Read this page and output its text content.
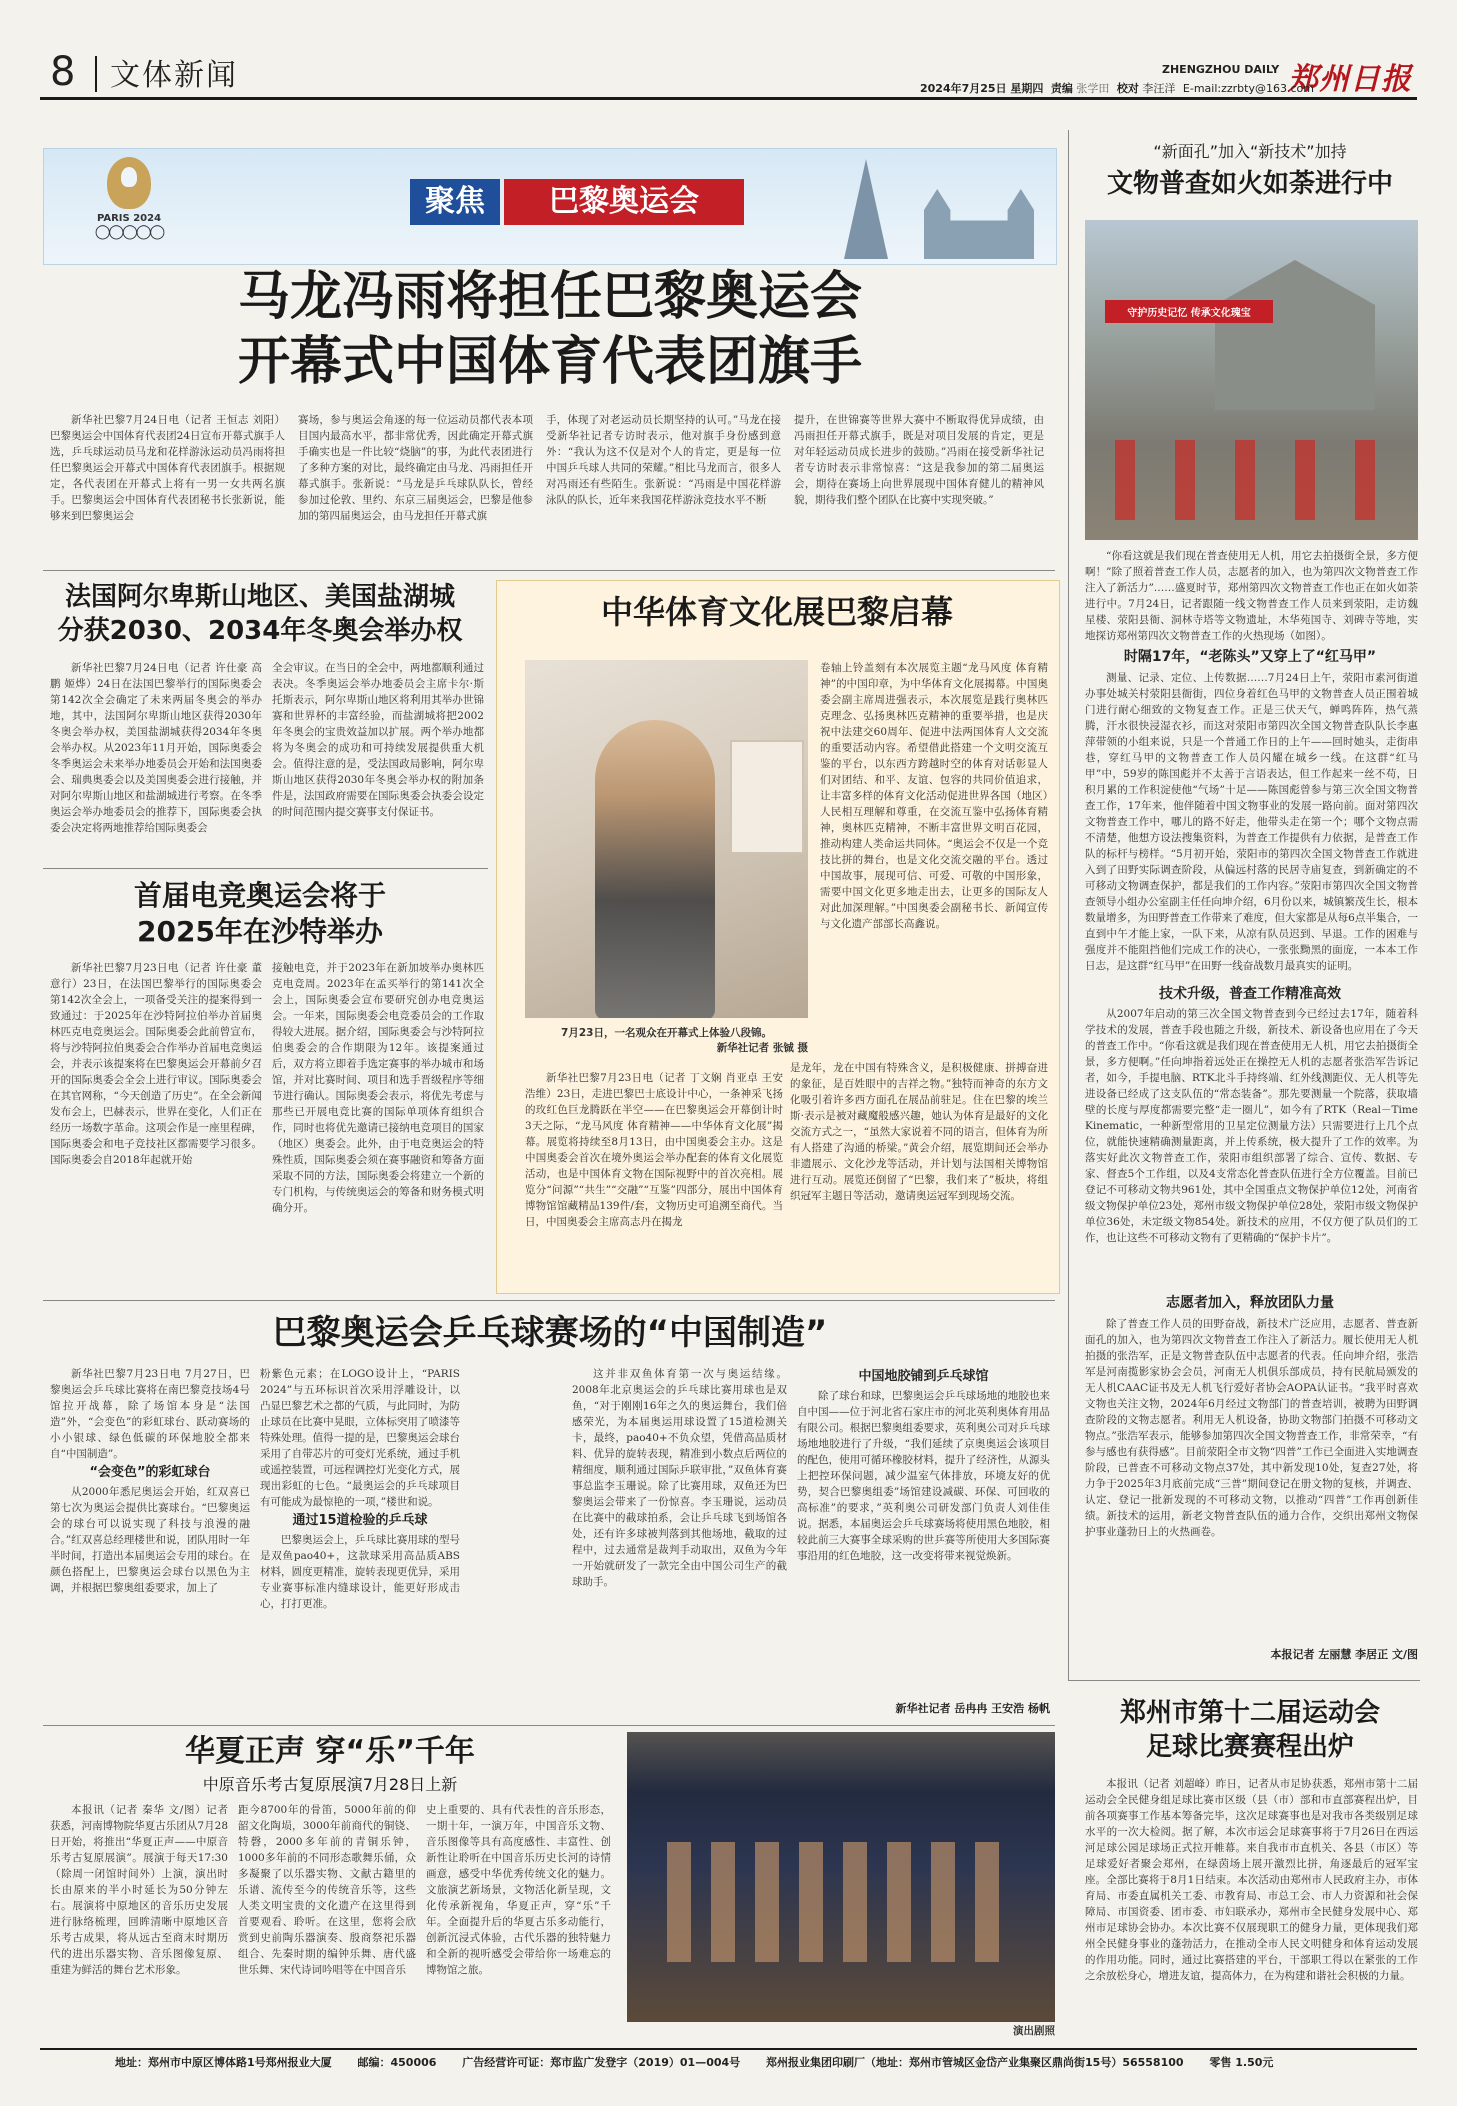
8 文体新闻	ZHENGZHOU DAILY 郑州日报
2024年7月25日 星期四 责编 张学田 校对 李汪洋 E-mail:zzrbty@163.com
PARIS 2024
◯◯◯◯◯
聚焦	巴黎奥运会
马龙冯雨将担任巴黎奥运会
开幕式中国体育代表团旗手

新华社巴黎7月24日电（记者 王恒志 刘阳）巴黎奥运会中国体育代表团24日宣布开幕式旗手人选，乒乓球运动员马龙和花样游泳运动员冯雨将担任巴黎奥运会开幕式中国体育代表团旗手。根据规定，各代表团在开幕式上将有一男一女共两名旗手。巴黎奥运会中国体育代表团秘书长张新说，能够来到巴黎奥运会

赛场，参与奥运会角逐的每一位运动员都代表本项目国内最高水平，都非常优秀，因此确定开幕式旗手确实也是一件比较“烧脑”的事，为此代表团进行了多种方案的对比，最终确定由马龙、冯雨担任开幕式旗手。张新说：“马龙是乒乓球队队长，曾经参加过伦敦、里约、东京三届奥运会，巴黎是他参加的第四届奥运会，由马龙担任开幕式旗

手，体现了对老运动员长期坚持的认可。”马龙在接受新华社记者专访时表示，他对旗手身份感到意外：“我认为这不仅是对个人的肯定，更是每一位中国乒乓球人共同的荣耀。”相比马龙而言，很多人对冯雨还有些陌生。张新说：“冯雨是中国花样游泳队的队长，近年来我国花样游泳竞技水平不断

提升，在世锦赛等世界大赛中不断取得优异成绩，由冯雨担任开幕式旗手，既是对项目发展的肯定，更是对年轻运动员成长进步的鼓励。”冯雨在接受新华社记者专访时表示非常惊喜：“这是我参加的第二届奥运会，期待在赛场上向世界展现中国体育健儿的精神风貌，期待我们整个团队在比赛中实现突破。”

法国阿尔卑斯山地区、美国盐湖城
分获2030、2034年冬奥会举办权

新华社巴黎7月24日电（记者 许仕豪 高鹏 姬烨）24日在法国巴黎举行的国际奥委会第142次全会确定了未来两届冬奥会的举办地，其中，法国阿尔卑斯山地区获得2030年冬奥会举办权，美国盐湖城获得2034年冬奥会举办权。从2023年11月开始，国际奥委会冬季奥运会未来举办地委员会开始和法国奥委会、瑞典奥委会以及美国奥委会进行接触，并对阿尔卑斯山地区和盐湖城进行考察。在冬季奥运会举办地委员会的推荐下，国际奥委会执委会决定将两地推荐给国际奥委会

全会审议。在当日的全会中，两地都顺利通过表决。冬季奥运会举办地委员会主席卡尔·斯托斯表示，阿尔卑斯山地区将利用其举办世锦赛和世界杯的丰富经验，而盐湖城将把2002年冬奥会的宝贵效益加以扩展。两个举办地都将为冬奥会的成功和可持续发展提供重大机会。值得注意的是，受法国政局影响，阿尔卑斯山地区获得2030年冬奥会举办权的附加条件是，法国政府需要在国际奥委会执委会设定的时间范围内提交赛事支付保证书。

首届电竞奥运会将于
2025年在沙特举办

新华社巴黎7月23日电（记者 许仕豪 董意行）23日，在法国巴黎举行的国际奥委会第142次全会上，一项备受关注的提案得到一致通过：于2025年在沙特阿拉伯举办首届奥林匹克电竞奥运会。国际奥委会此前曾宣布，将与沙特阿拉伯奥委会合作举办首届电竞奥运会，并表示该提案将在巴黎奥运会开幕前夕召开的国际奥委会全会上进行审议。国际奥委会在其官网称，“今天创造了历史”。在全会新闻发布会上，巴赫表示，世界在变化，人们正在经历一场数字革命。这项会作是一座里程碑，国际奥委会和电子竞技社区都需要学习很多。国际奥委会自2018年起就开始

接触电竞，并于2023年在新加坡举办奥林匹克电竞周。2023年在孟买举行的第141次全会上，国际奥委会宣布要研究创办电竞奥运会。一年来，国际奥委会电竞委员会的工作取得较大进展。据介绍，国际奥委会与沙特阿拉伯奥委会的合作期限为12年。该提案通过后，双方将立即着手选定赛事的举办城市和场馆，并对比赛时间、项目和选手晋级程序等细节进行确认。国际奥委会表示，将优先考虑与那些已开展电竞比赛的国际单项体育组织合作，同时也将优先邀请已接纳电竞项目的国家（地区）奥委会。此外，由于电竞奥运会的特殊性质，国际奥委会须在赛事融资和筹备方面采取不同的方法，国际奥委会将建立一个新的专门机构，与传统奥运会的筹备和财务模式明确分开。

中华体育文化展巴黎启幕
7月23日，一名观众在开幕式上体验八段锦。
新华社记者 张铖 摄

卷轴上铃盖刻有本次展览主题“龙马风度 体育精神”的中国印章，为中华体育文化展揭幕。中国奥委会副主席周进强表示，本次展览是践行奥林匹克理念、弘扬奥林匹克精神的重要举措，也是庆祝中法建交60周年、促进中法两国体育人文交流的重要活动内容。希望借此搭建一个文明交流互鉴的平台，以东西方跨越时空的体育对话彰显人们对团结、和平、友谊、包容的共同价值追求，让丰富多样的体育文化活动促进世界各国（地区）人民相互理解和尊重，在交流互鉴中弘扬体育精神，奥林匹克精神，不断丰富世界文明百花园，推动构建人类命运共同体。“奥运会不仅是一个竞技比拼的舞台，也是文化交流交融的平台。透过中国故事，展现可信、可爱、可敬的中国形象，需要中国文化更多地走出去，让更多的国际友人对此加深理解。”中国奥委会副秘书长、新闻宣传与文化遗产部部长高鑫说。

新华社巴黎7月23日电（记者 丁文娴 肖亚卓 王安 浩维）23日，走进巴黎巴士底设计中心，一条神采飞扬的玫红色巨龙腾跃在半空——在巴黎奥运会开幕倒计时3天之际，“龙马风度 体育精神——中华体育文化展”揭幕。展览将持续至8月13日，由中国奥委会主办。这是中国奥委会首次在境外奥运会举办配套的体育文化展览活动，也是中国体育文物在国际视野中的首次亮相。展览分“问源”“共生”“交融”“互鉴”四部分，展出中国体育博物馆馆藏精品139件/套，文物历史可追溯至商代。当日，中国奥委会主席高志丹在揭龙

是龙年，龙在中国有特殊含义，是积极健康、拼搏奋进的象征，是百姓眼中的吉祥之物。”独特而神奇的东方文化吸引着许多西方面孔在展品前驻足。住在巴黎的埃兰斯·表示是被对藏魔般感兴趣，她认为体育是最好的文化交流方式之一，“虽然大家说着不同的语言，但体育为所有人搭建了沟通的桥梁。”黄会介绍，展览期间还会举办非遗展示、文化沙龙等活动，并计划与法国相关博物馆进行互动。展览还倒留了“巴黎，我们来了”板块，将组织冠军主题日等活动，邀请奥运冠军到现场交流。

巴黎奥运会乒乓球赛场的“中国制造”

新华社巴黎7月23日电 7月27日，巴黎奥运会乒乓球比赛将在南巴黎竞技场4号馆拉开战幕，除了场馆本身是“法国造”外，“会变色”的彩虹球台、跃动赛场的小小银球、绿色低碳的环保地胶全都来自“中国制造”。

“会变色”的彩虹球台

从2000年悉尼奥运会开始，红双喜已第七次为奥运会提供比赛球台。“巴黎奥运会的球台可以说实现了科技与浪漫的融合。”红双喜总经理楼世和说，团队用时一年半时间，打造出本届奥运会专用的球台。在颜色搭配上，巴黎奥运会球台以黑色为主调，并根据巴黎奥组委要求，加上了

粉紫色元素；在LOGO设计上，“PARIS 2024”与五环标识首次采用浮雕设计，以凸显巴黎艺术之都的气质，与此同时，为防止球员在比赛中晃眼，立体标突用了喷漆等特殊处理。值得一提的是，巴黎奥运会球台采用了自带芯片的可变灯光系统，通过手机或遥控装置，可远程调控灯光变化方式，展现出彩虹的七色。“最奥运会的乒乓球项目有可能成为最惊艳的一项，”楼世和说。

通过15道检验的乒乓球

巴黎奥运会上，乒乓球比赛用球的型号是双鱼pao40+，这款球采用高品质ABS材料，圆度更精准，旋转表现更优异，采用专业赛事标准内缝球设计，能更好形成击心，打打更准。

这并非双鱼体育第一次与奥运结缘。2008年北京奥运会的乒乓球比赛用球也是双鱼，“对于刚刚16年之久的奥运舞台，我们倍感荣光，为本届奥运用球设置了15道检测关卡，最终，pao40+不负众望，凭借高品质材料、优异的旋转表现，精准到小数点后两位的精细度，顺利通过国际乒联审批，”双鱼体育赛事总监李玉珊说。除了比赛用球，双鱼还为巴黎奥运会带来了一份惊喜。李玉珊说，运动员在比赛中的截球拍系，会让乒乓球飞到场馆各处，还有许多球被判落到其他场地，截取的过程中，过去通常是裁判手动取出，双鱼为今年一开始就研发了一款完全由中国公司生产的截球助手。

中国地胶铺到乒乓球馆

除了球台和球，巴黎奥运会乒乓球场地的地胶也来自中国——位于河北省石家庄市的河北英利奥体育用品有限公司。根据巴黎奥组委要求，英利奥公司对乒乓球场地地胶进行了升级，“我们延续了京奥奥运会该项目的配色，使用可循环橡胶材料，提升了经济性，从源头上把控环保问题，减少温室气体排放，环境友好的优势，契合巴黎奥组委”场馆建设减碳、环保、可回收的高标准”的要求，”英利奥公司研发部门负责人刘佳佳说。据悉，本届奥运会乒乓球赛场将使用黑色地胶，相较此前三大赛事全球采购的世乒赛等所使用大多国际赛事沿用的红色地胶，这一改变将带来视觉焕新。

新华社记者 岳冉冉 王安浩 杨帆
华夏正声 穿“乐”千年
中原音乐考古复原展演7月28日上新

本报讯（记者 秦华 文/图）记者获悉，河南博物院华夏古乐团从7月28日开始，将推出“华夏正声——中原音乐考古复原展演”。展演于每天17:30（除周一闭馆时间外）上演，演出时长由原来的半小时延长为50分钟左右。展演将中原地区的音乐历史发展进行脉络梳理，回眸清晰中原地区音乐考古成果，将从远古至商末时期历代的进出乐器实物、音乐图像复原、重建为鲜活的舞台艺术形象。

距今8700年的骨笛，5000年前的仰韶文化陶埙，3000年前商代的铜铙、特磬，2000多年前的青铜乐钟，1000多年前的不同形态歌舞乐俑，众多凝聚了以乐器实物、文献古籍里的乐谱、流传至今的传统音乐等，这些人类文明宝贵的文化遗产在这里得到首要观看、聆听。在这里，您将会欣赏到史前陶乐器演奏、殷商祭祀乐器组合、先秦时期的编钟乐舞、唐代盛世乐舞、宋代诗词吟唱等在中国音乐

史上重要的、具有代表性的音乐形态，一期十年，一演万年，中国音乐文物、音乐图像等具有高度感性、丰富性、创新性让聆听在中国音乐历史长河的诗情画意，感受中华优秀传统文化的魅力。文旅演艺新场景，文物活化新呈现，文化传承新视角，华夏正声，穿“乐”千年。全面提升后的华夏古乐多动能行，创新沉浸式体验，古代乐器的独特魅力和全新的视听感受会带给你一场难忘的博物馆之旅。

演出剧照
“新面孔”加入“新技术”加持
文物普查如火如荼进行中
守护历史记忆 传承文化瑰宝

“你看这就是我们现在普查使用无人机，用它去拍摄街全景，多方便啊！”除了照着普查工作人员，志愿者的加入，也为第四次文物普查工作注入了新活力”……盛夏时节，郑州第四次文物普查工作也正在如火如荼进行中。7月24日，记者跟随一线文物普查工作人员来到荥阳，走访魏星楼、荥阳县衙、洞林寺塔等文物遗址，木华苑国寺、刘碑寺等地，实地探访郑州第四次文物普查工作的火热现场（如图）。

时隔17年，“老陈头”又穿上了“红马甲”

测量、记录、定位、上传数据……7月24日上午，荥阳市素河街道办事处城关村荥阳县衙街，四位身着红色马甲的文物普查人员正围着城门进行耐心细致的文物复查工作。正是三伏天气，蝉鸣阵阵，热气蒸腾，汗水很快浸湿衣衫，而这对荥阳市第四次全国文物普查队队长李惠萍带领的小组来说，只是一个普通工作日的上午——回时她头，走街串巷，穿红马甲的文物普查工作人员闪耀在城乡一线。在这群“红马甲”中，59岁的陈国彪并不太善于言语表达，但工作起来一丝不苟，日积月累的工作积淀使他“气场”十足——陈国彪曾参与第三次全国文物普查工作，17年来，他伴随着中国文物事业的发展一路向前。面对第四次文物普查工作中，哪儿的路不好走，他带头走在第一个；哪个文物点需不清楚，他想方设法搜集资料，为普查工作提供有力依据，是普查工作队的标杆与榜样。“5月初开始，荥阳市的第四次全国文物普查工作就进入到了田野实际调查阶段，从偏远村落的民居寺庙复查，到新确定的不可移动文物调查保护，都是我们的工作内容。”荥阳市第四次全国文物普查领导小组办公室副主任任向坤介绍，6月份以来，城镇繁茂生长，根本数量增多，为田野普查工作带来了难度，但大家都是从每6点半集合，一直到中午才能上家，一队下来，从凉有队员迟到、早退。工作的困难与强度并不能阻挡他们完成工作的决心，一张张黝黑的面庞，一本本工作日志，是这群“红马甲”在田野一线奋战数月最真实的证明。

技术升级，普查工作精准高效

从2007年启动的第三次全国文物普查到今已经过去17年，随着科学技术的发展，普查手段也随之升级，新技术、新设备也应用在了今天的普查工作中。“你看这就是我们现在普查使用无人机，用它去拍摄街全景，多方便啊。”任向坤指着远处正在操控无人机的志愿者张浩军告诉记者，如今，手提电脑、RTK北斗手持终端、红外线测距仪、无人机等先进设备已经成了这支队伍的“常态装备”。那先要测量一个院落，获取墙壁的长度与厚度都需要完整“走一圈儿”，如今有了RTK（Real－Time Kinematic，一种新型常用的卫星定位测量方法）只需要进行上几个点位，就能快速精确测量距离，并上传系统，极大提升了工作的效率。为落实好此次文物普查工作，荥阳市组织部署了综合、宣传、数据、专家、督查5个工作组，以及4支常态化普查队伍进行全方位覆盖。目前已登记不可移动文物共961处，其中全国重点文物保护单位12处，河南省级文物保护单位23处，郑州市级文物保护单位28处，荥阳市级文物保护单位36处，未定级文物854处。新技术的应用，不仅方便了队员们的工作，也让这些不可移动文物有了更精确的“保护卡片”。

志愿者加入，释放团队力量

除了普查工作人员的田野奋战，新技术广泛应用，志愿者、普查新面孔的加入，也为第四次文物普查工作注入了新活力。履长使用无人机拍摄的张浩军，正是文物普查队伍中志愿者的代表。任向坤介绍，张浩军是河南揽影家协会会员，河南无人机俱乐部成员，持有民航局颁发的无人机CAAC证书及无人机飞行爱好者协会AOPA认证书。“我平时喜欢文物也关注文物，2024年6月经过文物部门的普查培训，被聘为田野调查阶段的文物志愿者。利用无人机设备，协助文物部门拍摄不可移动文物点。”张浩军表示，能够参加第四次全国文物普查工作，非常荣幸，“有参与感也有获得感”。目前荥阳全市文物“四普”工作已全面进入实地调查阶段，已普查不可移动文物点37处，其中新发现10处，复查27处，将力争于2025年3月底前完成“三普”期间登记在册文物的复核，并调查、认定、登记一批新发现的不可移动文物，以推动“四普”工作再创新佳绩。新技术的运用，新老文物普查队伍的通力合作，交织出郑州文物保护事业蓬勃日上的火热画卷。

本报记者 左丽慧 李居正 文/图
郑州市第十二届运动会
足球比赛赛程出炉

本报讯（记者 刘超峰）昨日，记者从市足协获悉，郑州市第十二届运动会全民健身组足球比赛市区级（县（市）部和市直部赛程出炉，目前各项赛事工作基本筹备完毕，这次足球赛事也是对我市各类级别足球水平的一次大检阅。据了解，本次市运会足球赛事将于7月26日在西运河足球公园足球场正式拉开帷幕。来自我市市直机关、各县（市区）等足球爱好者聚会郑州，在绿茵场上展开激烈比拼，角逐最后的冠军宝座。全部比赛将于8月1日结束。本次活动由郑州市人民政府主办，市体育局、市委直属机关工委、市教育局、市总工会、市人力资源和社会保障局、市国资委、团市委、市妇联承办，郑州市全民健身发展中心、郑州市足球协会协办。本次比赛不仅展现职工的健身力量，更体现我们郑州全民健身事业的蓬勃活力，在推动全市人民文明健身和体育运动发展的作用功能。同时，通过比赛搭建的平台，干部职工得以在紧张的工作之余放松身心，增进友谊，提高体力，在为构建和谐社会积极的力量。

地址：郑州市中原区博体路1号郑州报业大厦 邮编：450006 广告经营许可证：郑市监广发登字（2019）01—004号 郑州报业集团印刷厂（地址：郑州市管城区金岱产业集聚区鼎尚街15号）56558100 零售 1.50元
